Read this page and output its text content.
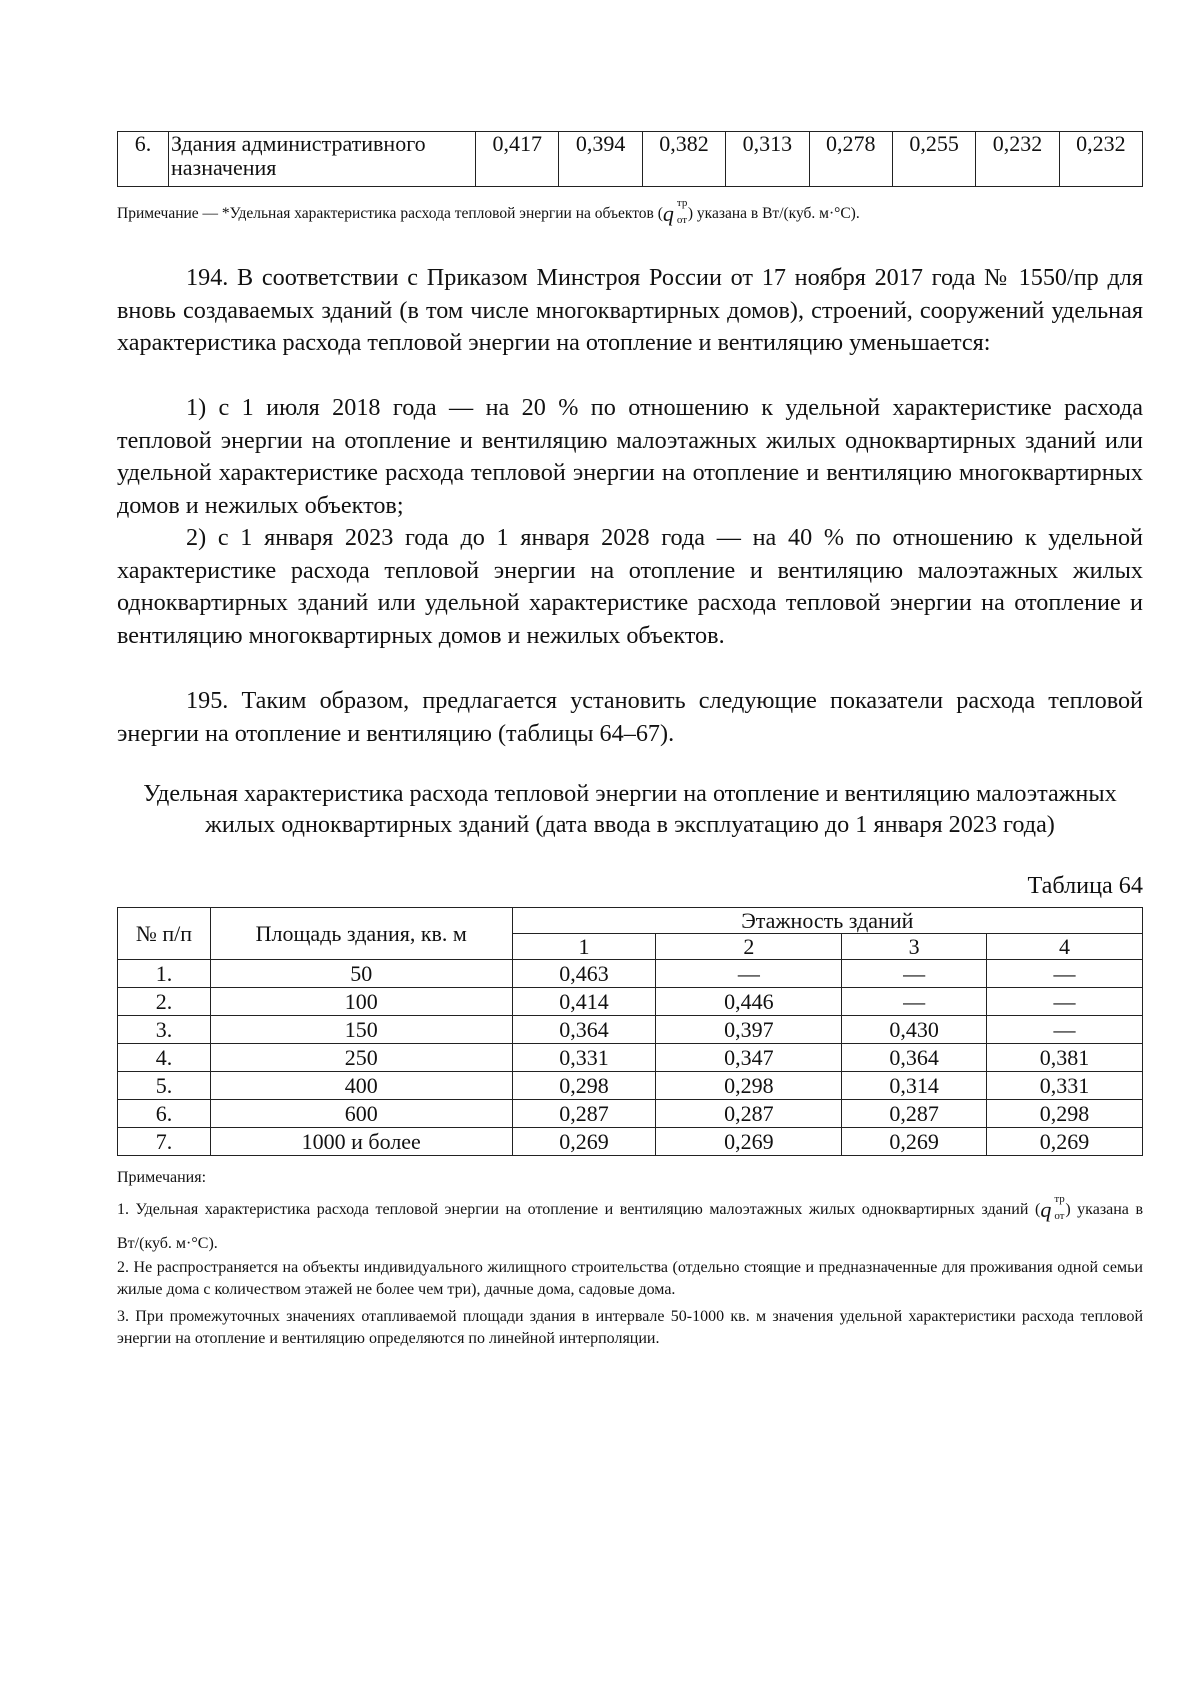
6.	Здания административного назначения	0,417	0,394	0,382	0,313	0,278	0,255	0,232	0,232
Примечание — *Удельная характеристика расхода тепловой энергии на объектов (q тр
от ) указана в Вт/(куб. м·°С).

194. В соответствии с Приказом Минстроя России от 17 ноября 2017 года № 1550/пр для вновь создаваемых зданий (в том числе многоквартирных домов), строений, сооружений удельная характеристика расхода тепловой энергии на отопление и вентиляцию уменьшается:

1) с 1 июля 2018 года — на 20 % по отношению к удельной характеристике расхода тепловой энергии на отопление и вентиляцию малоэтажных жилых одноквартирных зданий или удельной характеристике расхода тепловой энергии на отопление и вентиляцию многоквартирных домов и нежилых объектов;

2) с 1 января 2023 года до 1 января 2028 года — на 40 % по отношению к удельной характеристике расхода тепловой энергии на отопление и вентиляцию малоэтажных жилых одноквартирных зданий или удельной характеристике расхода тепловой энергии на отопление и вентиляцию многоквартирных домов и нежилых объектов.

195. Таким образом, предлагается установить следующие показатели расхода тепловой энергии на отопление и вентиляцию (таблицы 64–67).

Удельная характеристика расхода тепловой энергии на отопление и вентиляцию малоэтажных жилых одноквартирных зданий (дата ввода в эксплуатацию до 1 января 2023 года)

Таблица 64
№ п/п	Площадь здания, кв. м	Этажность зданий			
		1	2	3	4
1.	50	0,463	—	—	—
2.	100	0,414	0,446	—	—
3.	150	0,364	0,397	0,430	—
4.	250	0,331	0,347	0,364	0,381
5.	400	0,298	0,298	0,314	0,331
6.	600	0,287	0,287	0,287	0,298
7.	1000 и более	0,269	0,269	0,269	0,269
Примечания:
1. Удельная характеристика расхода тепловой энергии на отопление и вентиляцию малоэтажных жилых одноквартирных зданий (q тр
от ) указана в Вт/(куб. м·°С).
2. Не распространяется на объекты индивидуального жилищного строительства (отдельно стоящие и предназначенные для проживания одной семьи жилые дома с количеством этажей не более чем три), дачные дома, садовые дома.
3. При промежуточных значениях отапливаемой площади здания в интервале 50-1000 кв. м значения удельной характеристики расхода тепловой энергии на отопление и вентиляцию определяются по линейной интерполяции.
